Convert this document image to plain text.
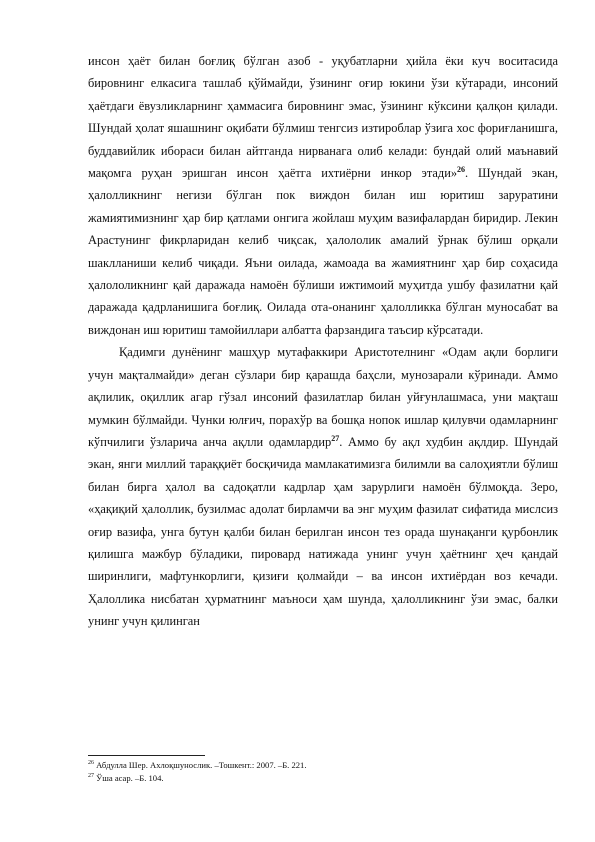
инсон ҳаёт билан боғлиқ бўлган азоб - уқубатларни ҳийла ёки куч воситасида бировнинг елкасига ташлаб қўймайди, ўзининг оғир юкини ўзи кўтаради, инсоний ҳаётдаги ёвузликларнинг ҳаммасига бировнинг эмас, ўзининг кўксини қалқон қилади. Шундай ҳолат яшашнинг оқибати бўлмиш тенгсиз изтироблар ўзига хос фориғланишга, буддавийлик ибораси билан айтганда нирванага олиб келади: бундай олий маънавий мақомга руҳан эришган инсон ҳаётга ихтиёрни инкор этади»$^{26}$. Шундай экан, ҳалолликнинг негизи бўлган пок виждон билан иш юритиш зарурaтини жамиятимизнинг ҳар бир қатлами онгига жойлаш муҳим вазифалардан биридир. Лекин Арастунинг фикрларидан келиб чиқсак, ҳалололик амалий ўрнак бўлиш орқали шаклланиши келиб чиқади. Яъни оилада, жамоада ва жамиятнинг ҳар бир соҳасида ҳалололикнинг қай даражада намоён бўлиши ижтимоий муҳитда ушбу фазилатни қай даражада қадрланишига боғлиқ. Оилада ота-онанинг ҳалолликка бўлган муносабат ва виждонан иш юритиш тамойиллари албатта фарзандига таъсир кўрсатади.

Қадимги дунёнинг машҳур мутафаккири Аристотелнинг «Одам ақли борлиги учун мақталмайди» деган сўзлари бир қарашда баҳсли, мунозарали кўринади. Аммо ақлилик, оқиллик агар гўзал инсоний фазилатлар билан уйғунлашмаса, уни мақташ мумкин бўлмайди. Чунки юлғич, порахўр ва бошқа нопок ишлар қилувчи одамларнинг кўпчилиги ўзларича анча ақлли одамлардир$^{27}$. Аммо бу ақл худбин ақлдир. Шундай экан, янги миллий тараққиёт босқичида мамлакатимизга билимли ва салоҳиятли бўлиш билан бирга ҳалол ва садоқатли кадрлар ҳам зарурлиги намоён бўлмоқда. Зеро, «ҳақиқий ҳалоллик, бузилмас адолат бирламчи ва энг муҳим фазилат сифатида мислсиз оғир вазифа, унга бутун қалби билан берилган инсон тез орада шунақанги қурбонлик қилишга мажбур бўладики, пировард натижада унинг учун ҳаётнинг ҳеч қандай ширинлиги, мафтункорлиги, қизиғи қолмайди – ва инсон ихтиёрдан воз кечади. Ҳалоллика нисбатан ҳурматнинг маъноси ҳам шунда, ҳалолликнинг ўзи эмас, балки унинг учун қилинган

$^{26}$ Абдулла Шер. Ахлоқшунослик. –Тошкент.: 2007. –Б. 221.

$^{27}$ Ўша асар. –Б. 104.
